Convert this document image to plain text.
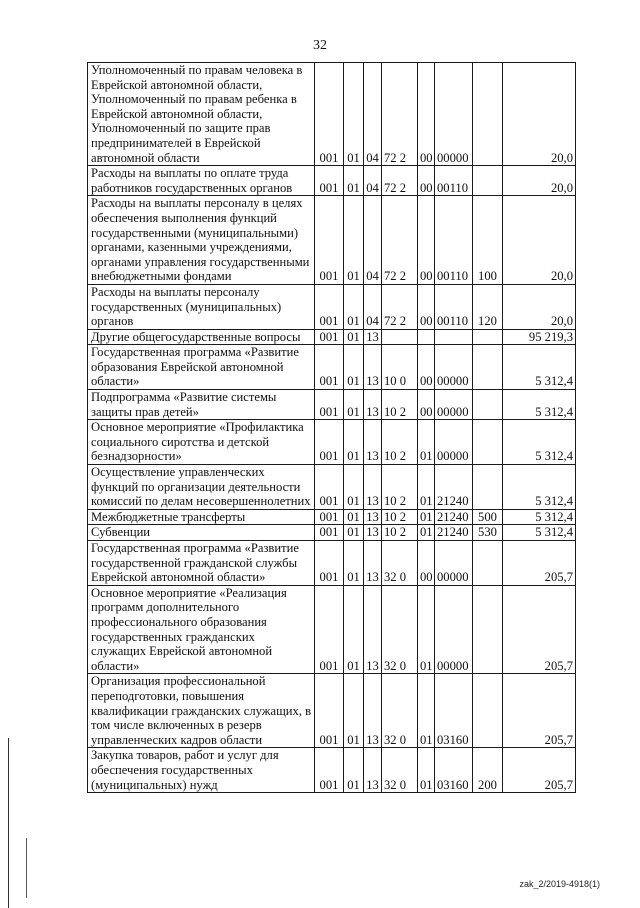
32
Уполномоченный по правам человека в Еврейской автономной области, Уполномоченный по правам ребенка в Еврейской автономной области, Уполномоченный по защите прав предпринимателей в Еврейской автономной области	001	01	04	72 2	00	00000		20,0
Расходы на выплаты по оплате труда работников государственных органов	001	01	04	72 2	00	00110		20,0
Расходы на выплаты персоналу в целях обеспечения выполнения функций государственными (муниципальными) органами, казенными учреждениями, органами управления государственными внебюджетными фондами	001	01	04	72 2	00	00110	100	20,0
Расходы на выплаты персоналу государственных (муниципальных) органов	001	01	04	72 2	00	00110	120	20,0
Другие общегосударственные вопросы	001	01	13					95 219,3
Государственная программа «Развитие образования Еврейской автономной области»	001	01	13	10 0	00	00000		5 312,4
Подпрограмма «Развитие системы защиты прав детей»	001	01	13	10 2	00	00000		5 312,4
Основное мероприятие «Профилактика социального сиротства и детской безнадзорности»	001	01	13	10 2	01	00000		5 312,4
Осуществление управленческих функций по организации деятельности комиссий по делам несовершеннолетних	001	01	13	10 2	01	21240		5 312,4
Межбюджетные трансферты	001	01	13	10 2	01	21240	500	5 312,4
Субвенции	001	01	13	10 2	01	21240	530	5 312,4
Государственная программа «Развитие государственной гражданской службы Еврейской автономной области»	001	01	13	32 0	00	00000		205,7
Основное мероприятие «Реализация программ дополнительного профессионального образования государственных гражданских служащих Еврейской автономной области»	001	01	13	32 0	01	00000		205,7
Организация профессиональной переподготовки, повышения квалификации гражданских служащих, в том числе включенных в резерв управленческих кадров области	001	01	13	32 0	01	03160		205,7
Закупка товаров, работ и услуг для обеспечения государственных (муниципальных) нужд	001	01	13	32 0	01	03160	200	205,7
zak_2/2019-4918(1)
